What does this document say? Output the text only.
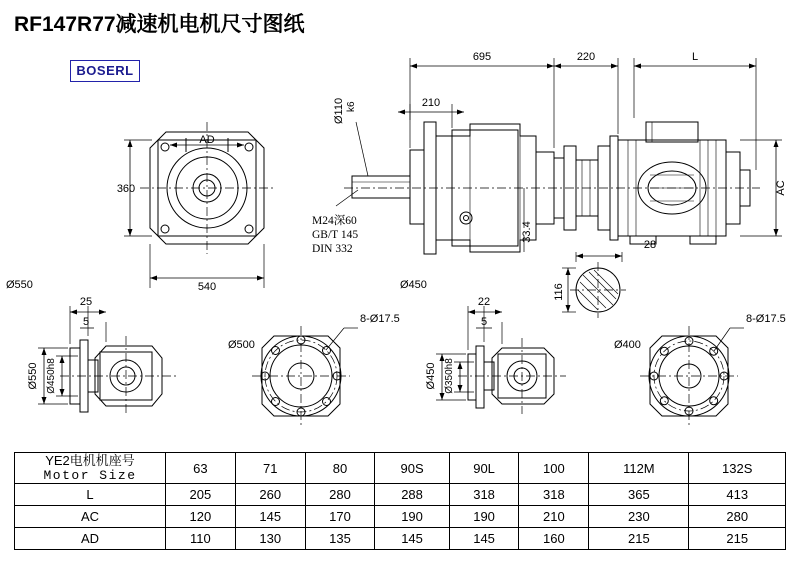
RF147R77减速机电机尺寸图纸
BOSERL
695	220	L
210
Ø110 k6
AD
360
540
AC
33.4
M24深60
GB/T 145
DIN 332
Ø550	Ø450
28
116
25
5
Ø550 Ø450h8
8-Ø17.5
Ø500
22
5
Ø450 Ø350h8
8-Ø17.5
Ø400
YE2电机机座号
Motor Size	63	71	80	90S	90L	100	112M	132S
L	205	260	280	288	318	318	365	413
AC	120	145	170	190	190	210	230	280
AD	110	130	135	145	145	160	215	215
